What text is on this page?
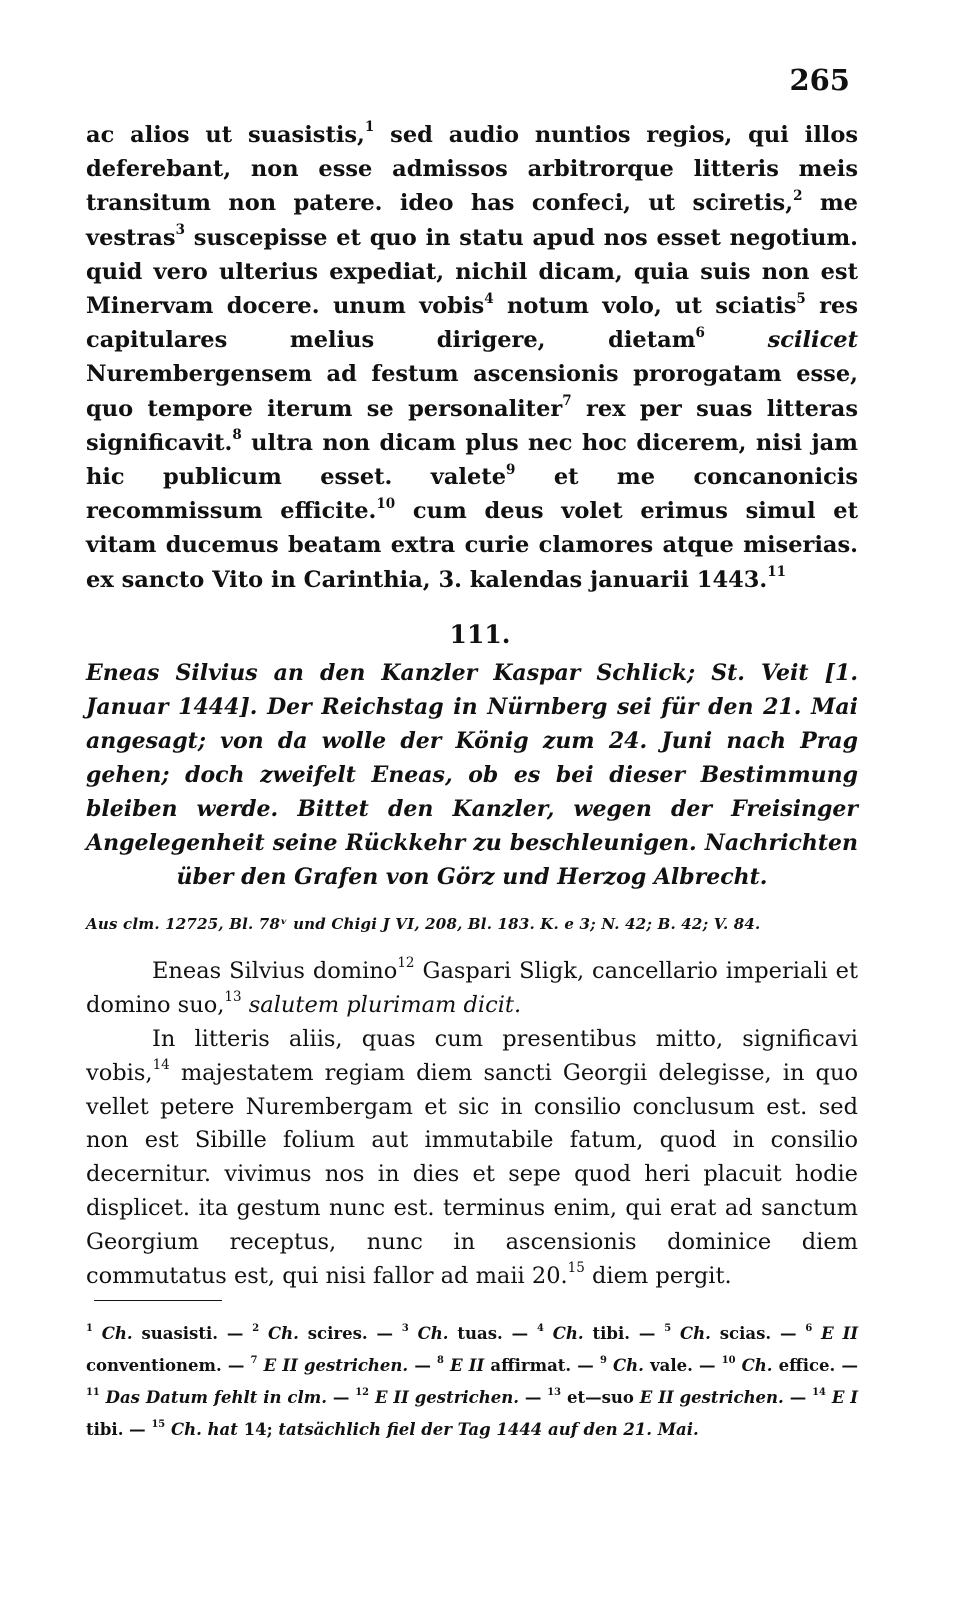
265
ac alios ut suasistis,$^1$ sed audio nuntios regios, qui illos deferebant, non esse admissos arbitrorque litteris meis transitum non patere. ideo has confeci, ut sciretis,$^2$ me vestras$^3$ suscepisse et quo in statu apud nos esset negotium. quid vero ulterius expediat, nichil dicam, quia suis non est Minervam docere. unum vobis$^4$ notum volo, ut sciatis$^5$ res capitulares melius dirigere, dietam$^6$	scilicet Nurembergensem ad festum ascensionis prorogatam esse, quo tempore iterum se personaliter$^7$ rex per suas litteras significavit.$^8$ ultra non dicam plus nec hoc dicerem, nisi jam hic publicum esset. valete$^9$ et me concanonicis recommissum efficite.$^{10}$ cum deus volet erimus simul et vitam ducemus beatam extra curie clamores atque miserias. ex sancto Vito in Carinthia, 3. kalendas januarii 1443.11
111.
Eneas Silvius an den Kanzler Kaspar Schlick; St. Veit [1. Januar 1444]. Der Reichstag in Nürnberg sei für den 21. Mai angesagt; von da wolle der König zum 24. Juni nach Prag gehen; doch zweifelt Eneas, ob es bei dieser Bestimmung bleiben werde. Bittet den Kanzler, wegen der Freisinger Angelegenheit seine Rückkehr zu beschleunigen. Nachrichten über den Grafen von Görz und Herzog Albrecht.
Aus clm. 12725, Bl. 78ᵛ und Chigi J VI, 208, Bl. 183. K. e 3; N. 42; B. 42; V. 84.
Eneas Silvius domino$^{12}$ Gaspari Sligk, cancellario imperiali et domino suo,$^{13}$ salutem plurimam dicit.
In litteris aliis, quas cum presentibus mitto, significavi vobis,$^{14}$ majestatem regiam diem sancti Georgii delegisse, in quo vellet petere Nurembergam et sic in consilio conclusum est. sed non est Sibille folium aut immutabile fatum, quod in consilio decernitur. vivimus nos in dies et sepe quod heri placuit hodie displicet. ita gestum nunc est. terminus enim, qui erat ad sanctum Georgium receptus, nunc in ascensionis dominice diem commutatus est, qui nisi fallor ad maii 20.15 diem pergit.
$^1$ Ch. suasisti. — $^2$ Ch. scires. — $^3$ Ch. tuas. — $^4$ Ch. tibi. — $^5$ Ch. scias. — $^6$ E II conventionem. — $^7$ E II gestrichen. — $^8$ E II affirmat. — $^9$ Ch. vale. — $^{10}$ Ch. effice. — $^{11}$ Das Datum fehlt in clm. — $^{12}$ E II gestrichen. — $^{13}$ et—suo E II gestrichen. — $^{14}$ E I tibi. — $^{15}$ Ch. hat 14; tatsächlich fiel der Tag 1444 auf den 21. Mai.
